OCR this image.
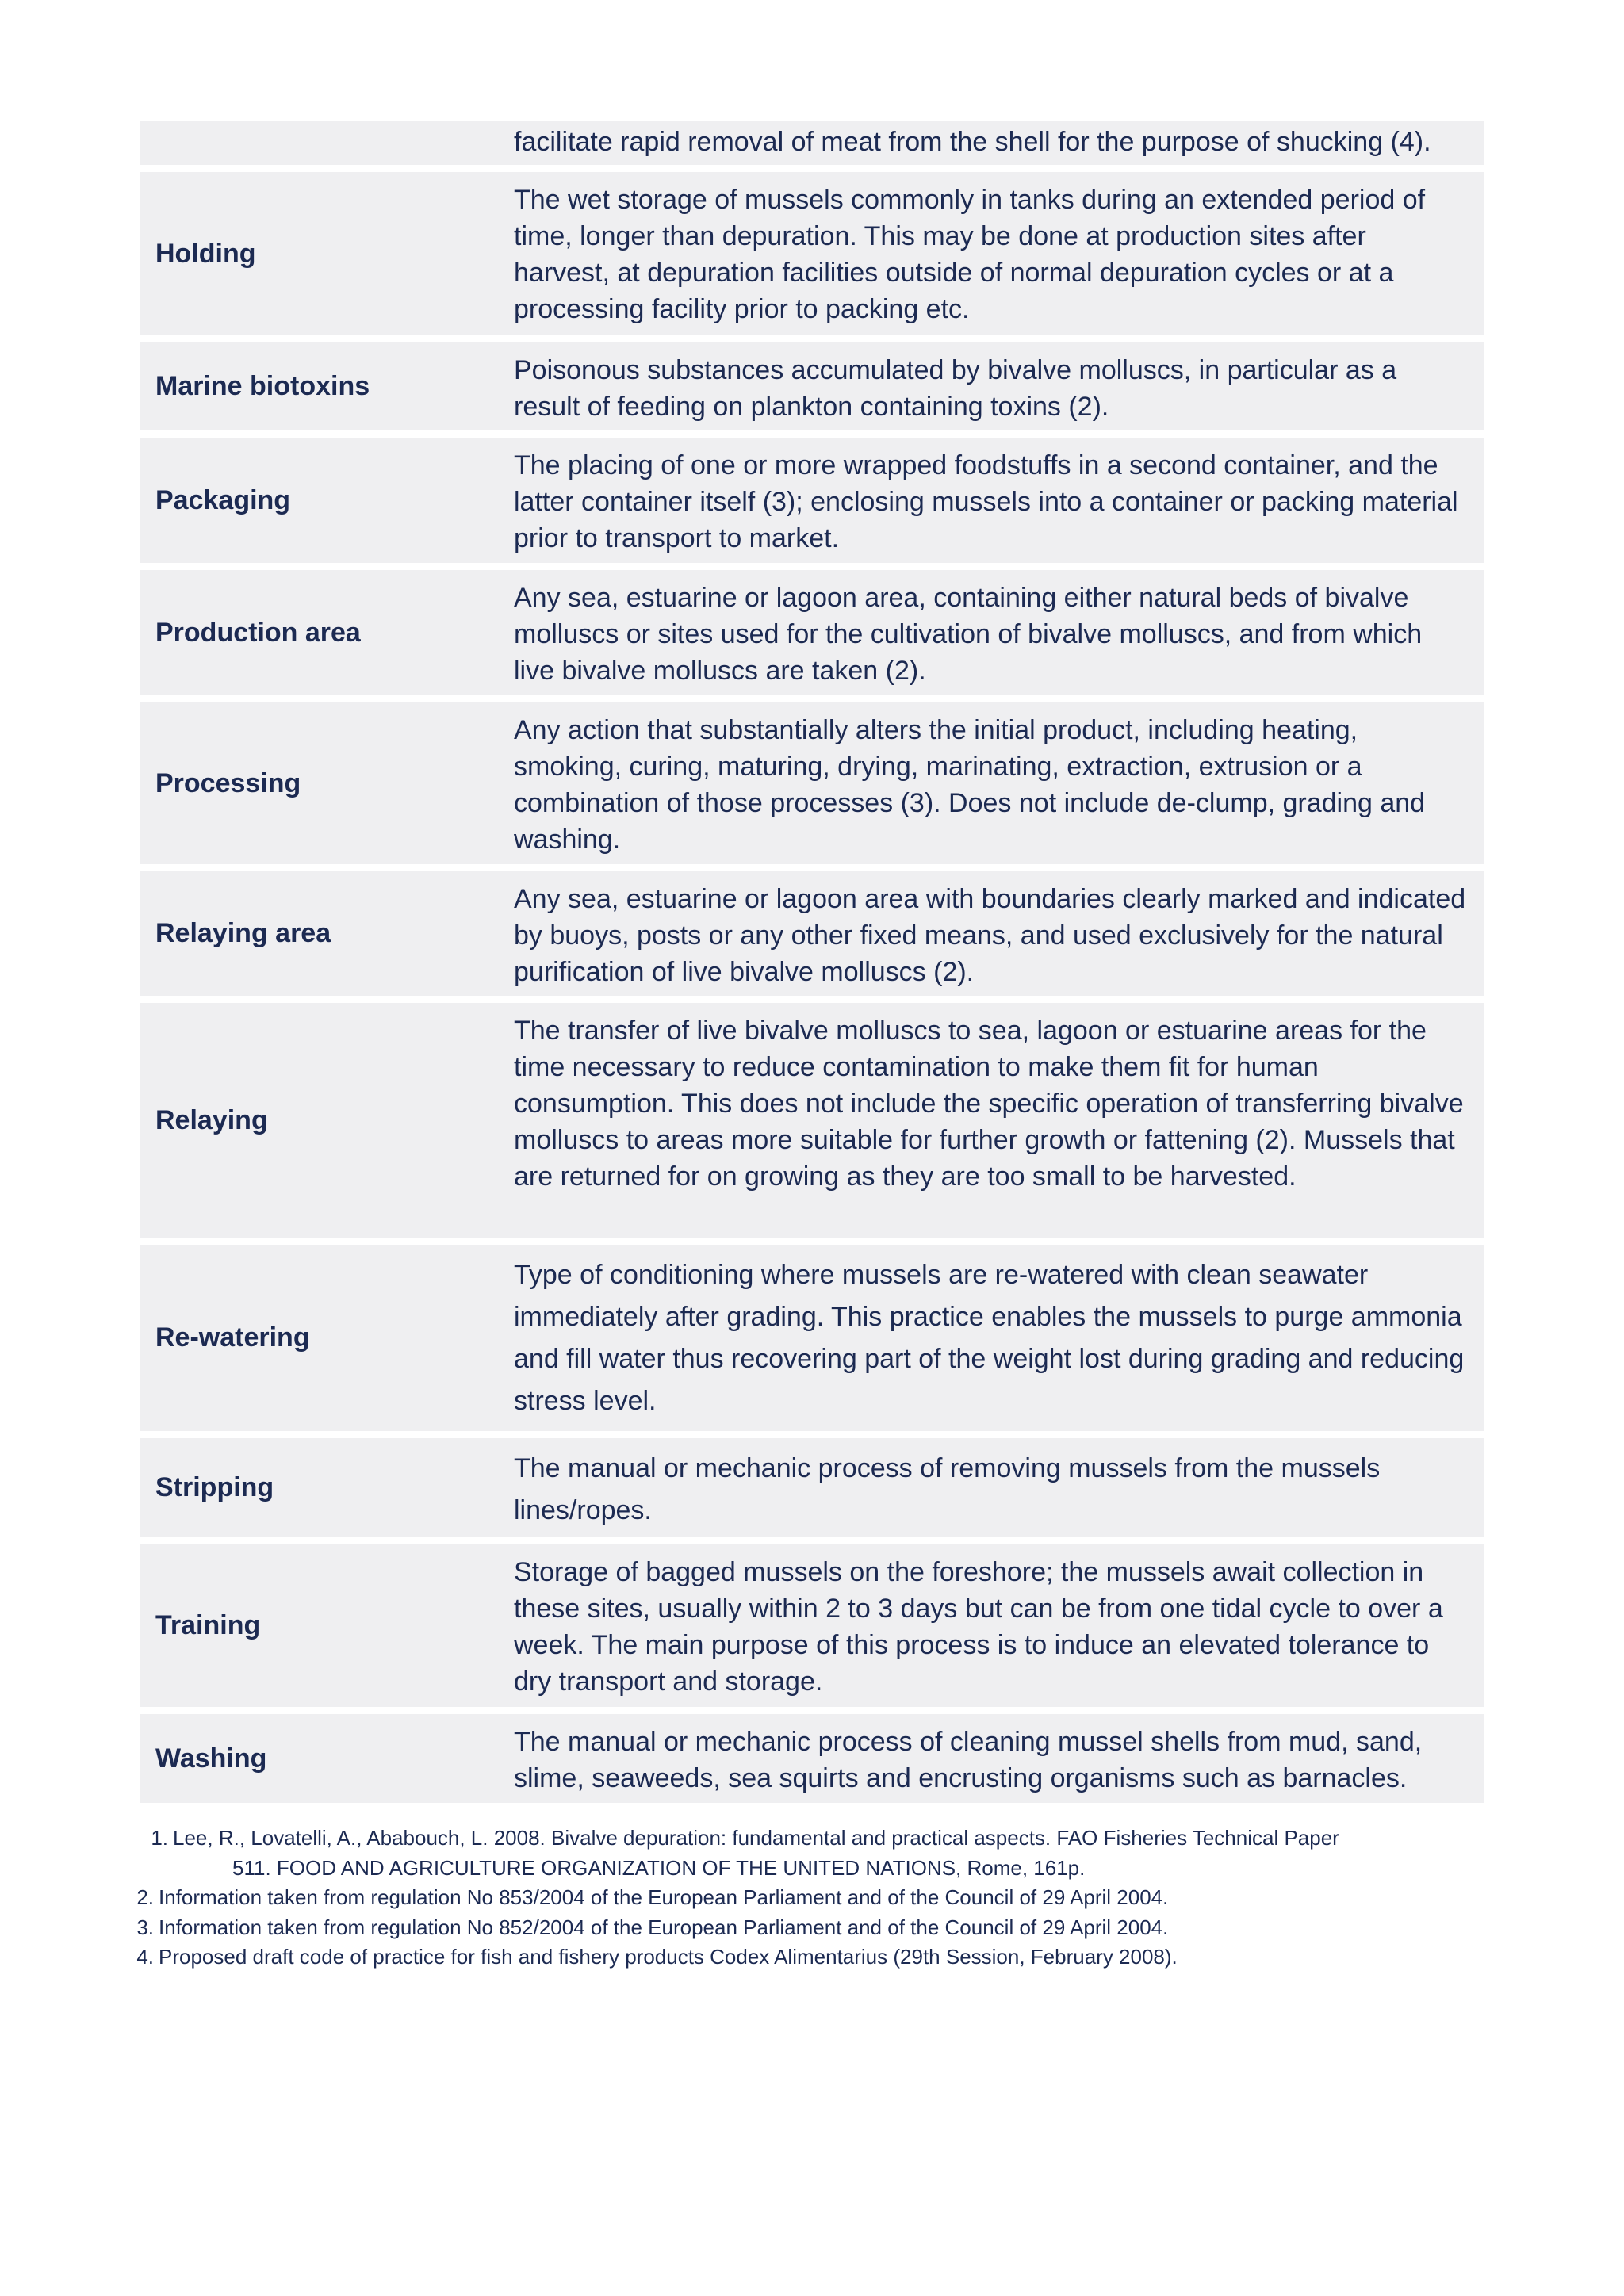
facilitate rapid removal of meat from the shell for the purpose of shucking (4).
Holding
The wet storage of mussels commonly in tanks during an extended period of time, longer than depuration. This may be done at production sites after harvest, at depuration facilities outside of normal depuration cycles or at a processing facility prior to packing etc.
Marine biotoxins
Poisonous substances accumulated by bivalve molluscs, in particular as a result of feeding on plankton containing toxins (2).
Packaging
The placing of one or more wrapped foodstuffs in a second container, and the latter container itself (3); enclosing mussels into a container or packing material prior to transport to market.
Production area
Any sea, estuarine or lagoon area, containing either natural beds of bivalve molluscs or sites used for the cultivation of bivalve molluscs, and from which live bivalve molluscs are taken (2).
Processing
Any action that substantially alters the initial product, including heating, smoking, curing, maturing, drying, marinating, extraction, extrusion or a combination of those processes (3). Does not include de-clump, grading and washing.
Relaying area
Any sea, estuarine or lagoon area with boundaries clearly marked and indicated by buoys, posts or any other fixed means, and used exclusively for the natural purification of live bivalve molluscs (2).
Relaying
The transfer of live bivalve molluscs to sea, lagoon or estuarine areas for the time necessary to reduce contamination to make them fit for human consumption. This does not include the specific operation of transferring bivalve molluscs to areas more suitable for further growth or fattening (2). Mussels that are returned for on growing as they are too small to be harvested.
Re-watering
Type of conditioning where mussels are re-watered with clean seawater immediately after grading. This practice enables the mussels to purge ammonia and fill water thus recovering part of the weight lost during grading and reducing stress level.
Stripping
The manual or mechanic process of removing mussels from the mussels lines/ropes.
Training
Storage of bagged mussels on the foreshore; the mussels await collection in these sites, usually within 2 to 3 days but can be from one tidal cycle to over a week. The main purpose of this process is to induce an elevated tolerance to dry transport and storage.
Washing
The manual or mechanic process of cleaning mussel shells from mud, sand, slime, seaweeds, sea squirts and encrusting organisms such as barnacles.
1. Lee, R., Lovatelli, A., Ababouch, L. 2008. Bivalve depuration: fundamental and practical aspects. FAO Fisheries Technical Paper
511. FOOD AND AGRICULTURE ORGANIZATION OF THE UNITED NATIONS, Rome, 161p.
2. Information taken from regulation No 853/2004 of the European Parliament and of the Council of 29 April 2004.
3. Information taken from regulation No 852/2004 of the European Parliament and of the Council of 29 April 2004.
4. Proposed draft code of practice for fish and fishery products Codex Alimentarius (29th Session, February 2008).
